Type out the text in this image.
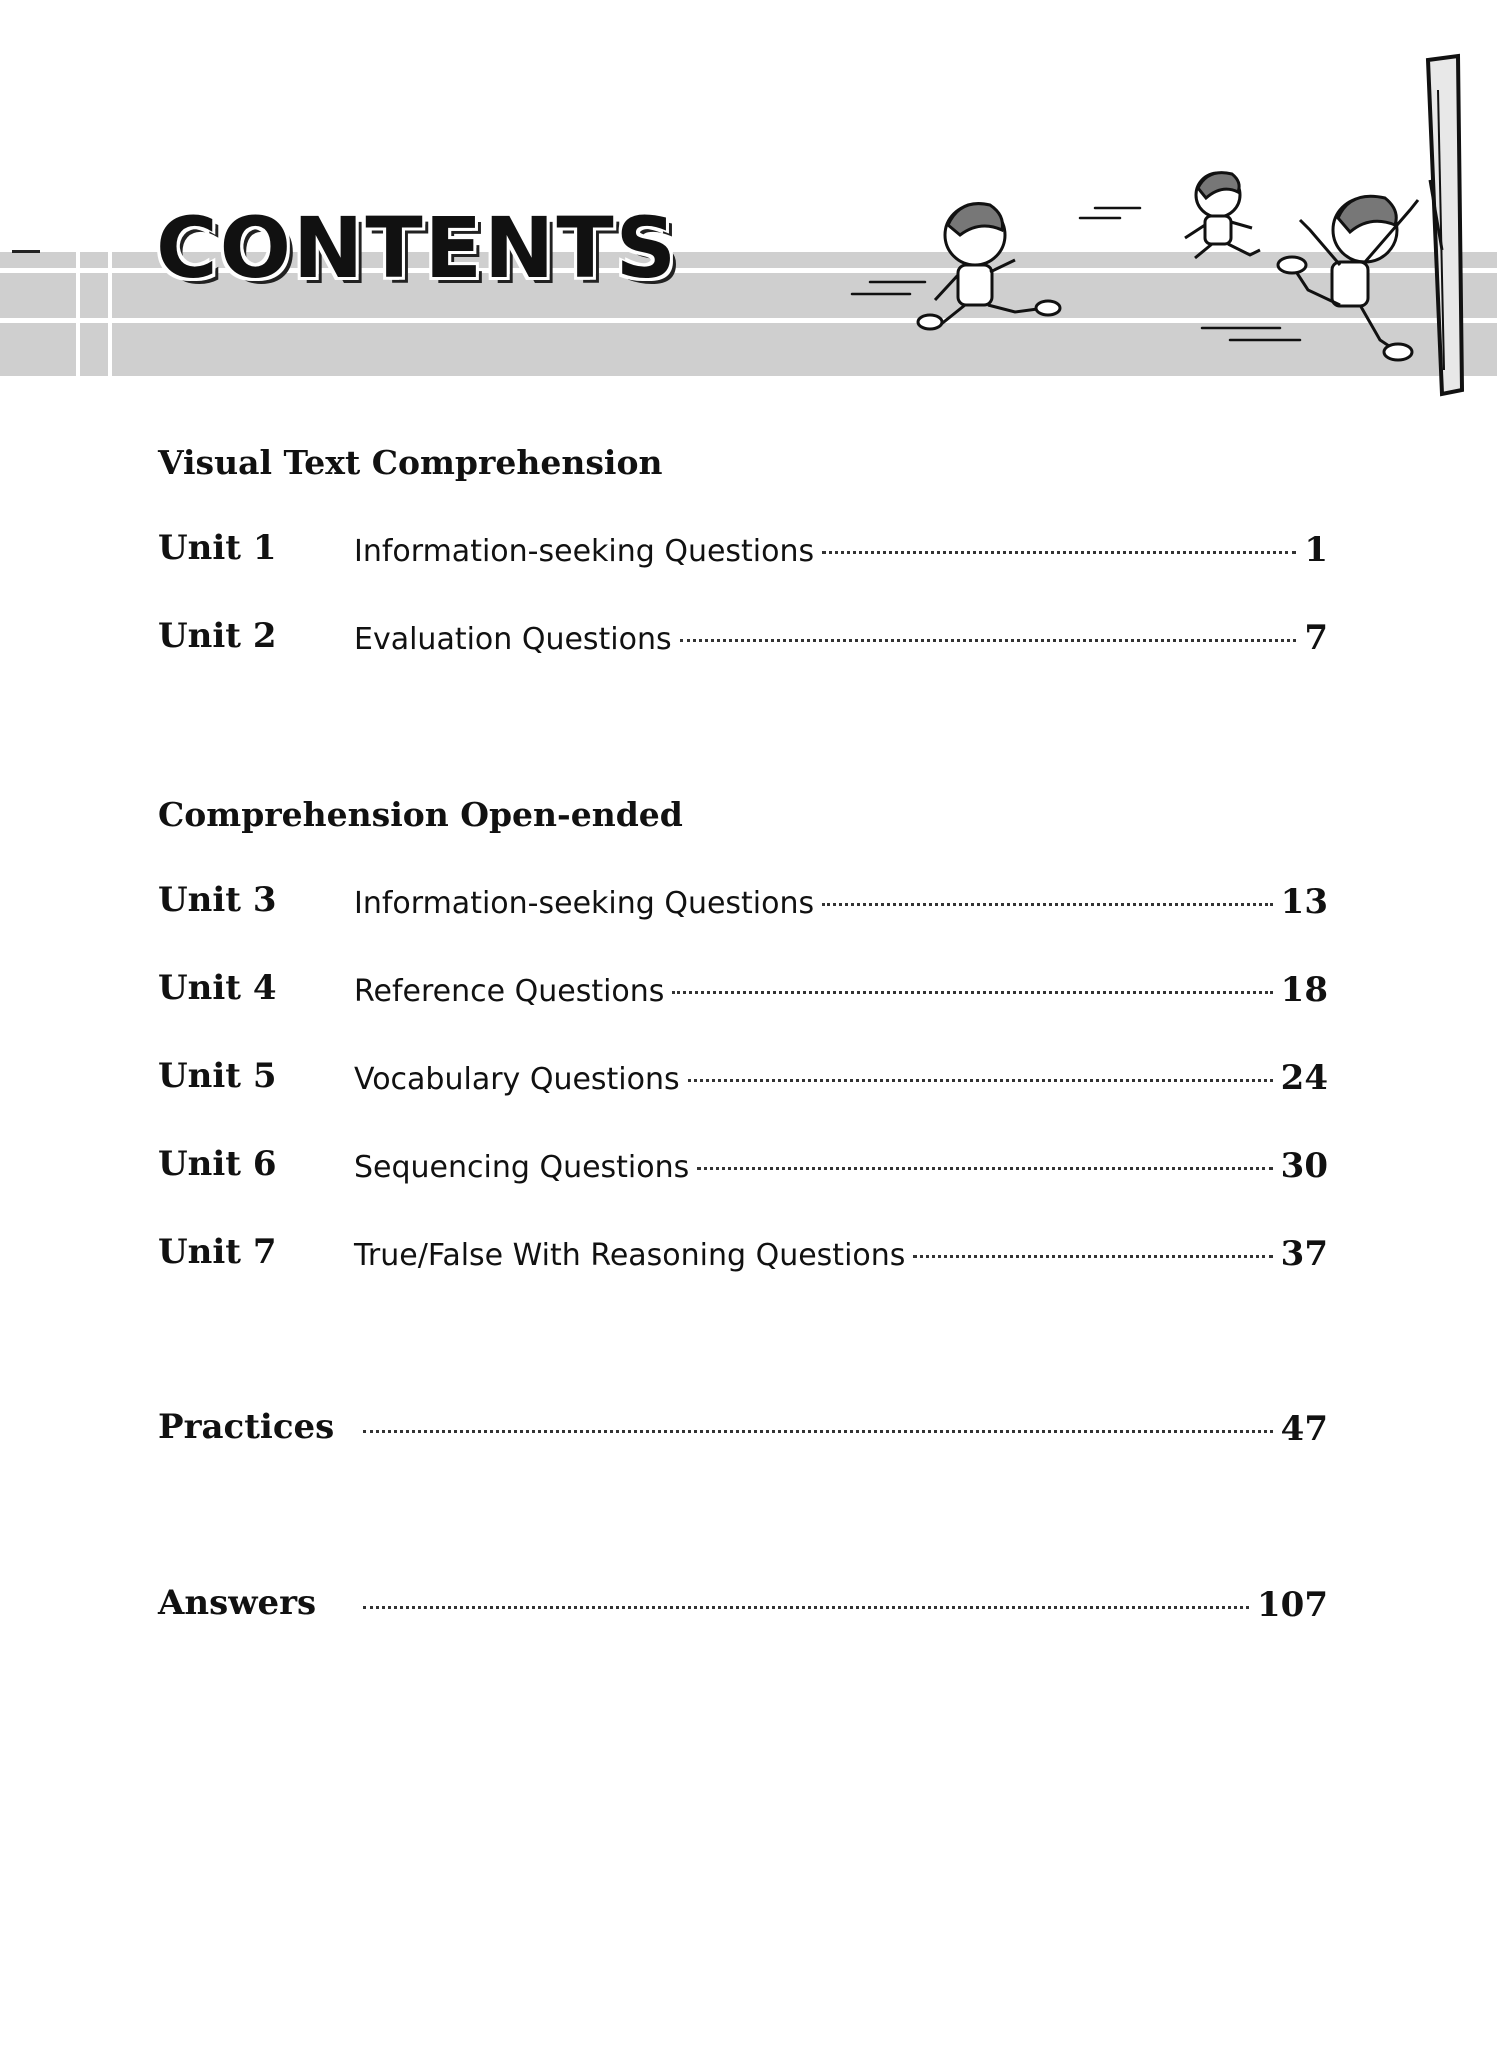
CONTENTS
Visual Text Comprehension
Unit 1	Information-seeking Questions	1
Unit 2	Evaluation Questions	7
Comprehension Open-ended
Unit 3	Information-seeking Questions	13
Unit 4	Reference Questions	18
Unit 5	Vocabulary Questions	24
Unit 6	Sequencing Questions	30
Unit 7	True/False With Reasoning Questions	37
Practices	47
Answers	107
